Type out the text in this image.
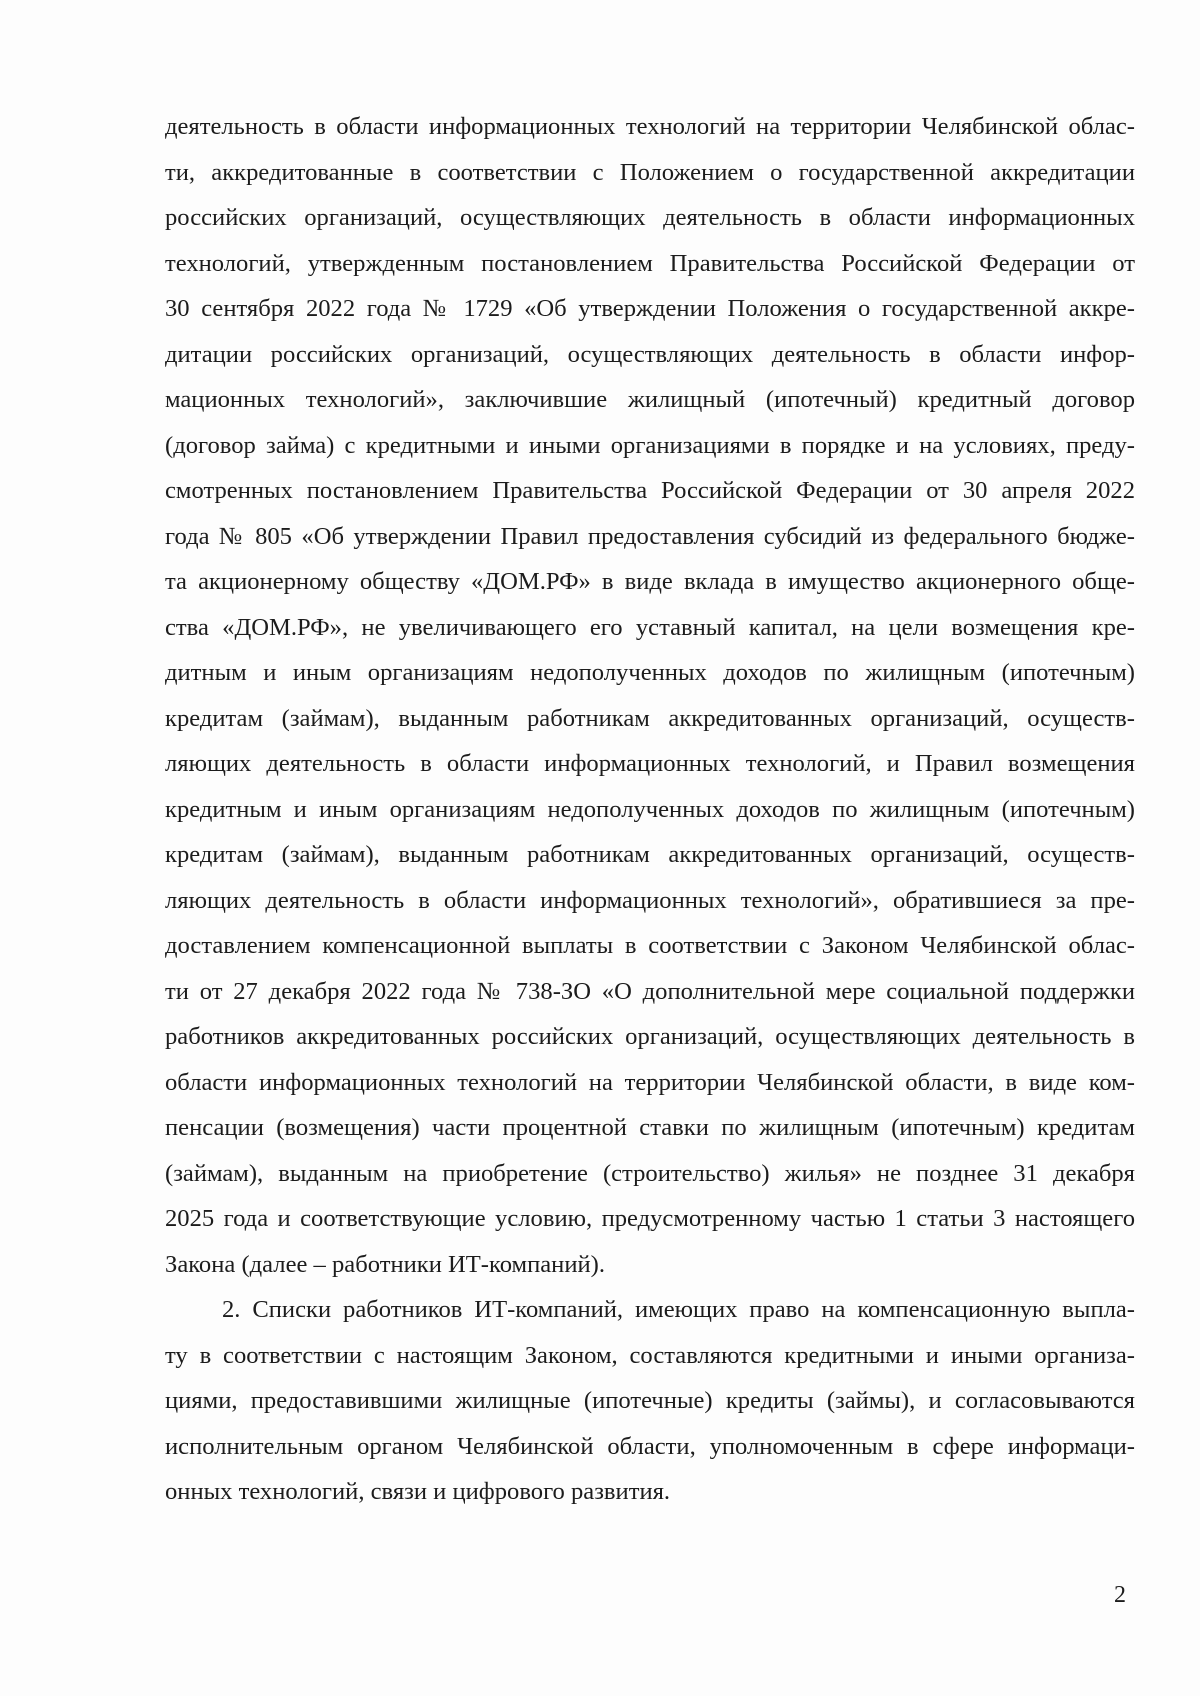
деятельность в области информационных технологий на территории Челябинской облас-
ти, аккредитованные в соответствии с Положением о государственной аккредитации
российских организаций, осуществляющих деятельность в области информационных
технологий, утвержденным постановлением Правительства Российской Федерации от
30 сентября 2022 года № 1729 «Об утверждении Положения о государственной аккре-
дитации российских организаций, осуществляющих деятельность в области инфор-
мационных технологий», заключившие жилищный (ипотечный) кредитный договор
(договор займа) с кредитными и иными организациями в порядке и на условиях, преду-
смотренных постановлением Правительства Российской Федерации от 30 апреля 2022
года № 805 «Об утверждении Правил предоставления субсидий из федерального бюдже-
та акционерному обществу «ДОМ.РФ» в виде вклада в имущество акционерного обще-
ства «ДОМ.РФ», не увеличивающего его уставный капитал, на цели возмещения кре-
дитным и иным организациям недополученных доходов по жилищным (ипотечным)
кредитам (займам), выданным работникам аккредитованных организаций, осуществ-
ляющих деятельность в области информационных технологий, и Правил возмещения
кредитным и иным организациям недополученных доходов по жилищным (ипотечным)
кредитам (займам), выданным работникам аккредитованных организаций, осуществ-
ляющих деятельность в области информационных технологий», обратившиеся за пре-
доставлением компенсационной выплаты в соответствии с Законом Челябинской облас-
ти от 27 декабря 2022 года № 738-ЗО «О дополнительной мере социальной поддержки
работников аккредитованных российских организаций, осуществляющих деятельность в
области информационных технологий на территории Челябинской области, в виде ком-
пенсации (возмещения) части процентной ставки по жилищным (ипотечным) кредитам
(займам), выданным на приобретение (строительство) жилья» не позднее 31 декабря
2025 года и соответствующие условию, предусмотренному частью 1 статьи 3 настоящего
Закона (далее – работники ИТ-компаний).
2. Списки работников ИТ-компаний, имеющих право на компенсационную выпла-
ту в соответствии с настоящим Законом, составляются кредитными и иными организа-
циями, предоставившими жилищные (ипотечные) кредиты (займы), и согласовываются
исполнительным органом Челябинской области, уполномоченным в сфере информаци-
онных технологий, связи и цифрового развития.
2
